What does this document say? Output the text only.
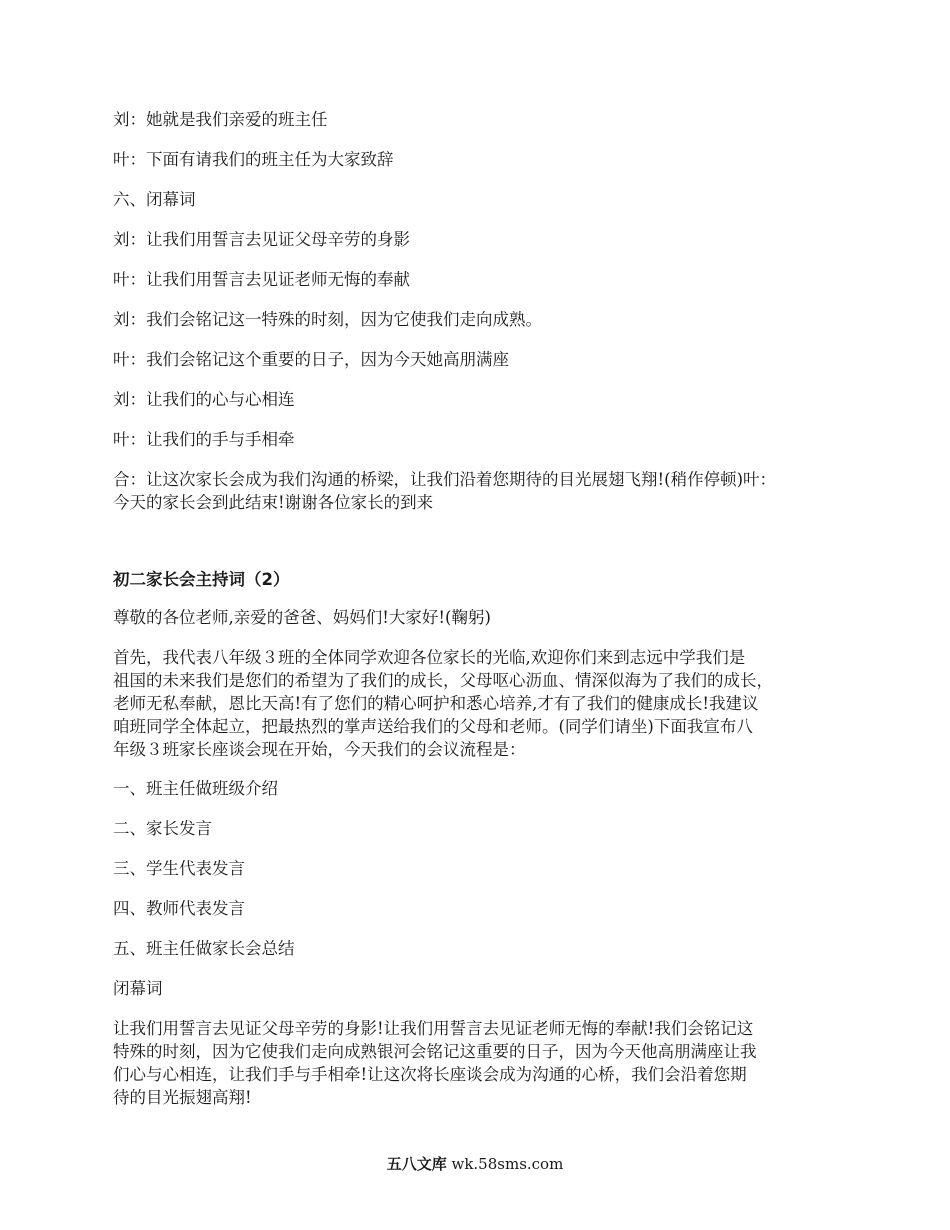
刘：她就是我们亲爱的班主任

叶：下面有请我们的班主任为大家致辞

六、闭幕词

刘：让我们用誓言去见证父母辛劳的身影

叶：让我们用誓言去见证老师无悔的奉献

刘：我们会铭记这一特殊的时刻，因为它使我们走向成熟。

叶：我们会铭记这个重要的日子，因为今天她高朋满座

刘：让我们的心与心相连

叶：让我们的手与手相牵

合：让这次家长会成为我们沟通的桥梁，让我们沿着您期待的目光展翅飞翔!(稍作停顿)叶：
今天的家长会到此结束!谢谢各位家长的到来

初二家长会主持词（2）

尊敬的各位老师,亲爱的爸爸、妈妈们!大家好!(鞠躬)

首先，我代表八年级３班的全体同学欢迎各位家长的光临,欢迎你们来到志远中学我们是
祖国的未来我们是您们的希望为了我们的成长，父母呕心沥血、情深似海为了我们的成长，
老师无私奉献，恩比天高!有了您们的精心呵护和悉心培养,才有了我们的健康成长!我建议
咱班同学全体起立，把最热烈的掌声送给我们的父母和老师。(同学们请坐)下面我宣布八
年级３班家长座谈会现在开始，今天我们的会议流程是：

一、班主任做班级介绍

二、家长发言

三、学生代表发言

四、教师代表发言

五、班主任做家长会总结

闭幕词

让我们用誓言去见证父母辛劳的身影!让我们用誓言去见证老师无悔的奉献!我们会铭记这
特殊的时刻，因为它使我们走向成熟银河会铭记这重要的日子，因为今天他高朋满座让我
们心与心相连，让我们手与手相牵!让这次将长座谈会成为沟通的心桥，我们会沿着您期
待的目光振翅高翔!

五八文库 wk.58sms.com
